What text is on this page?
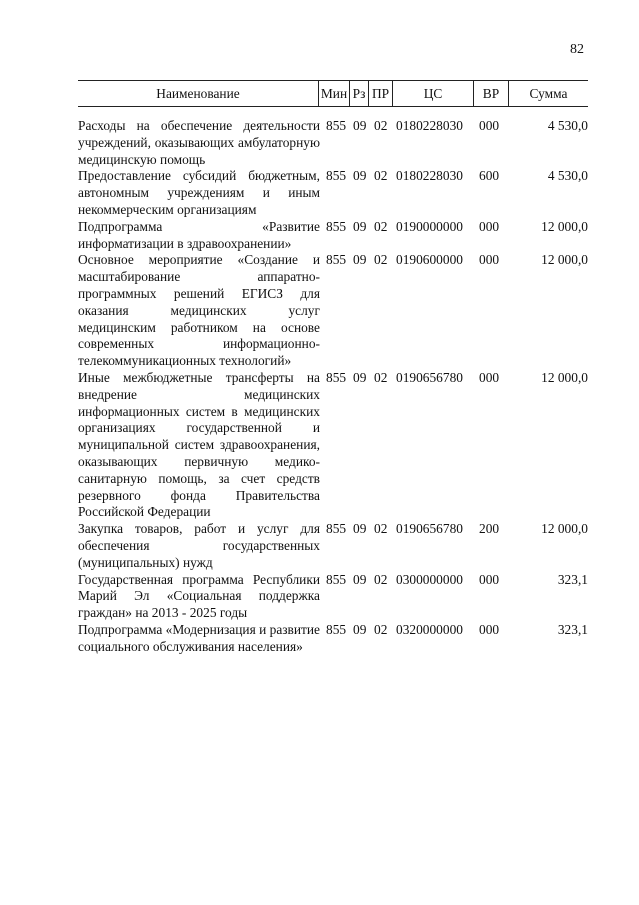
82
Наименование	Мин Рз ПР	ЦС	ВР	Сумма
Расходы на обеспечение деятельности учреждений, оказывающих амбулаторную медицинскую помощь
855 09 02 0180228030 000	4 530,0
Предоставление субсидий бюджетным, автономным учреждениям и иным некоммерческим организациям
855 09 02 0180228030 600	4 530,0
Подпрограмма «Развитие информатизации в здравоохранении»
855 09 02 0190000000 000	12 000,0
Основное мероприятие «Создание и масштабирование аппаратно-программных решений ЕГИСЗ для оказания медицинских услуг медицинским работником на основе современных информационно-телекоммуникационных технологий»
855 09 02 0190600000 000	12 000,0
Иные межбюджетные трансферты на внедрение медицинских информационных систем в медицинских организациях государственной и муниципальной систем здравоохранения, оказывающих первичную медико-санитарную помощь, за счет средств резервного фонда Правительства Российской Федерации
855 09 02 0190656780 000	12 000,0
Закупка товаров, работ и услуг для обеспечения государственных (муниципальных) нужд
855 09 02 0190656780 200	12 000,0
Государственная программа Республики Марий Эл «Социальная поддержка граждан» на 2013 - 2025 годы
855 09 02 0300000000 000	323,1
Подпрограмма «Модернизация и развитие социального обслуживания населения»
855 09 02 0320000000 000	323,1
